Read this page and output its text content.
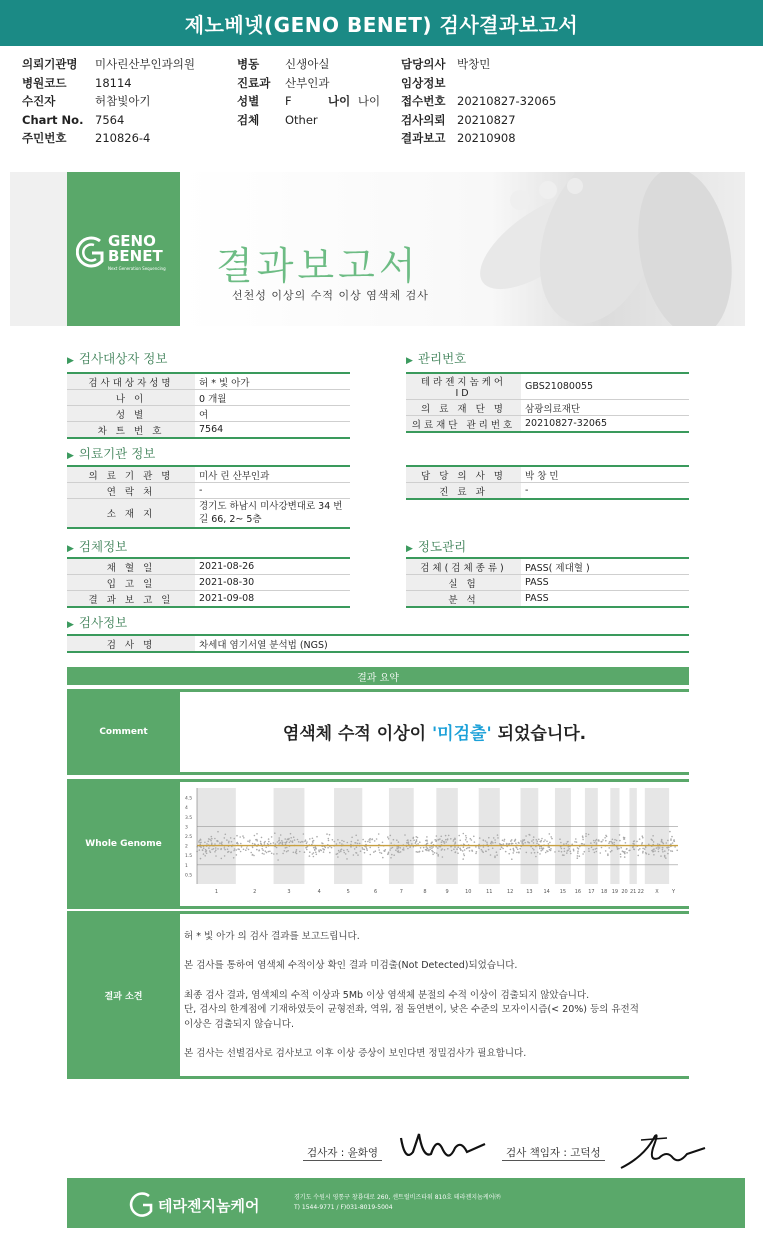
제노베넷(GENO BENET) 검사결과보고서
의뢰기관명 미사린산부인과의원
병원코드 18114
수진자	허참빛아기
Chart No. 7564
주민번호 210826-4
병동 신생아실
진료과 산부인과
성별 F
검체 Other
나이 나이
담당의사 박창민
임상정보
접수번호 20210827-32065
검사의뢰 20210827
결과보고 20210908
GENO
BENET
Next Generation Sequencing 결과보고서
선천성 이상의 수적 이상 염색체 검사
▶ 검사대상자 정보	▶ 관리번호
▶ 의료기관 정보
▶ 검체정보	▶ 정도관리
▶ 검사정보
검사대상자성명	허 * 빛 아가
나 이	0 개월
성 별	여
차 트 번 호	7564
테라젠지놈케어 ID	GBS21080055
의 료 재 단 명	삼광의료재단
의료재단 관리번호	20210827-32065
의 료 기 관 명	미사 린 산부인과
연 락 처	-
소 재 지	경기도 하남시 미사강변대로 34 번길 66, 2~ 5층
담 당 의 사 명	박 창 민
진 료 과	-
채 혈 일	2021-08-26
입 고 일	2021-08-30
결 과 보 고 일	2021-09-08
검체(검체종류)	PASS( 제대혈 )
실 험	PASS
분 석	PASS
검 사 명	차세대 염기서열 분석법 (NGS)
결과 요약
Comment	염색체 수적 이상이 '미검출' 되었습니다.
Whole Genome
1	2	3	4	5	6	7	8	9	10	11	12	13 14 15 16 17 18 19 20 21 22 X	Y
4.5
4
3.5
3
2.5
2
1.5
1
0.5
결과 소견
허 * 빛 아가 의 검사 결과를 보고드립니다.
본 검사를 통하여 염색체 수적이상 확인 결과 미검출(Not Detected)되었습니다.
최종 검사 결과, 염색체의 수적 이상과 5Mb 이상 염색체 분절의 수적 이상이 검출되지 않았습니다.
단, 검사의 한계점에 기재하였듯이 균형전좌, 역위, 점 돌연변이, 낮은 수준의 모자이시즘(< 20%) 등의 유전적
이상은 검출되지 않습니다.
본 검사는 선별검사로 검사보고 이후 이상 증상이 보인다면 정밀검사가 필요합니다.
검사자 : 윤화영	검사 책임자 : 고덕성
테라젠지놈케어	경기도 수원시 영통구 창룡대로 260, 센트럴비즈타워 810호 테라젠지놈케어㈜
T) 1544-9771 / F)031-8019-5004
